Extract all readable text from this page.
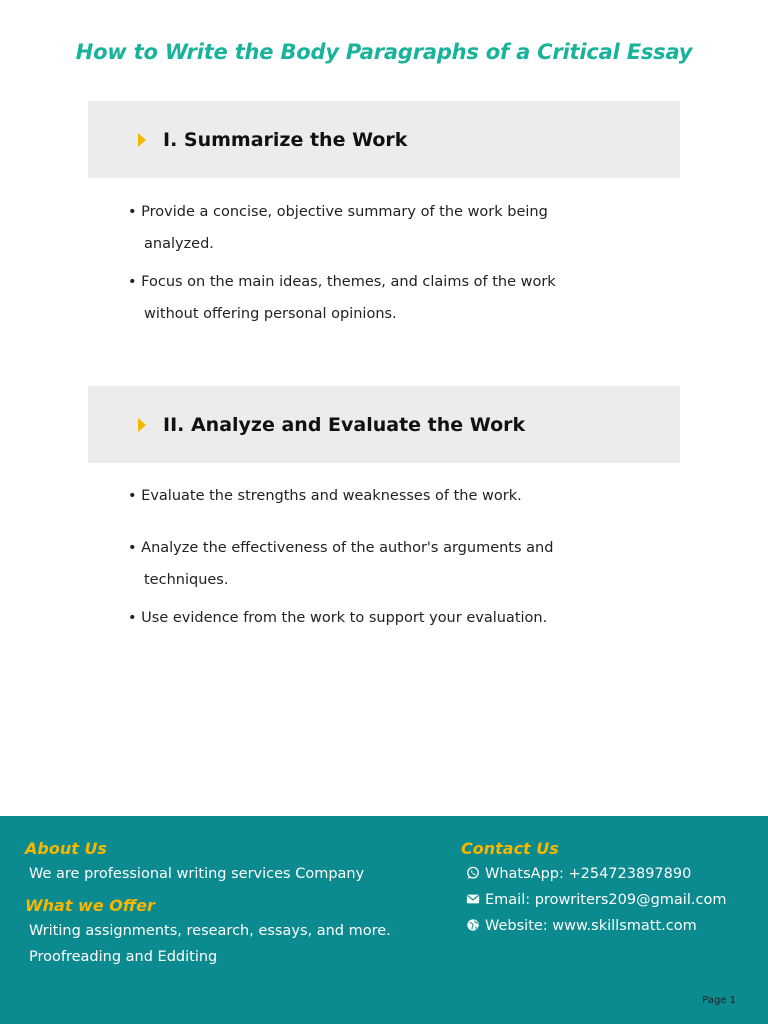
How to Write the Body Paragraphs of a Critical Essay
I. Summarize the Work
• Provide a concise, objective summary of the work being
analyzed.
• Focus on the main ideas, themes, and claims of the work
without offering personal opinions.
II. Analyze and Evaluate the Work
• Evaluate the strengths and weaknesses of the work.
• Analyze the effectiveness of the author's arguments and
techniques.
• Use evidence from the work to support your evaluation.
About Us
We are professional writing services Company
What we Offer
Writing assignments, research, essays, and more.
Proofreading and Edditing
Contact Us
WhatsApp: +254723897890
Email: prowriters209@gmail.com
Website: www.skillsmatt.com
Page 1
